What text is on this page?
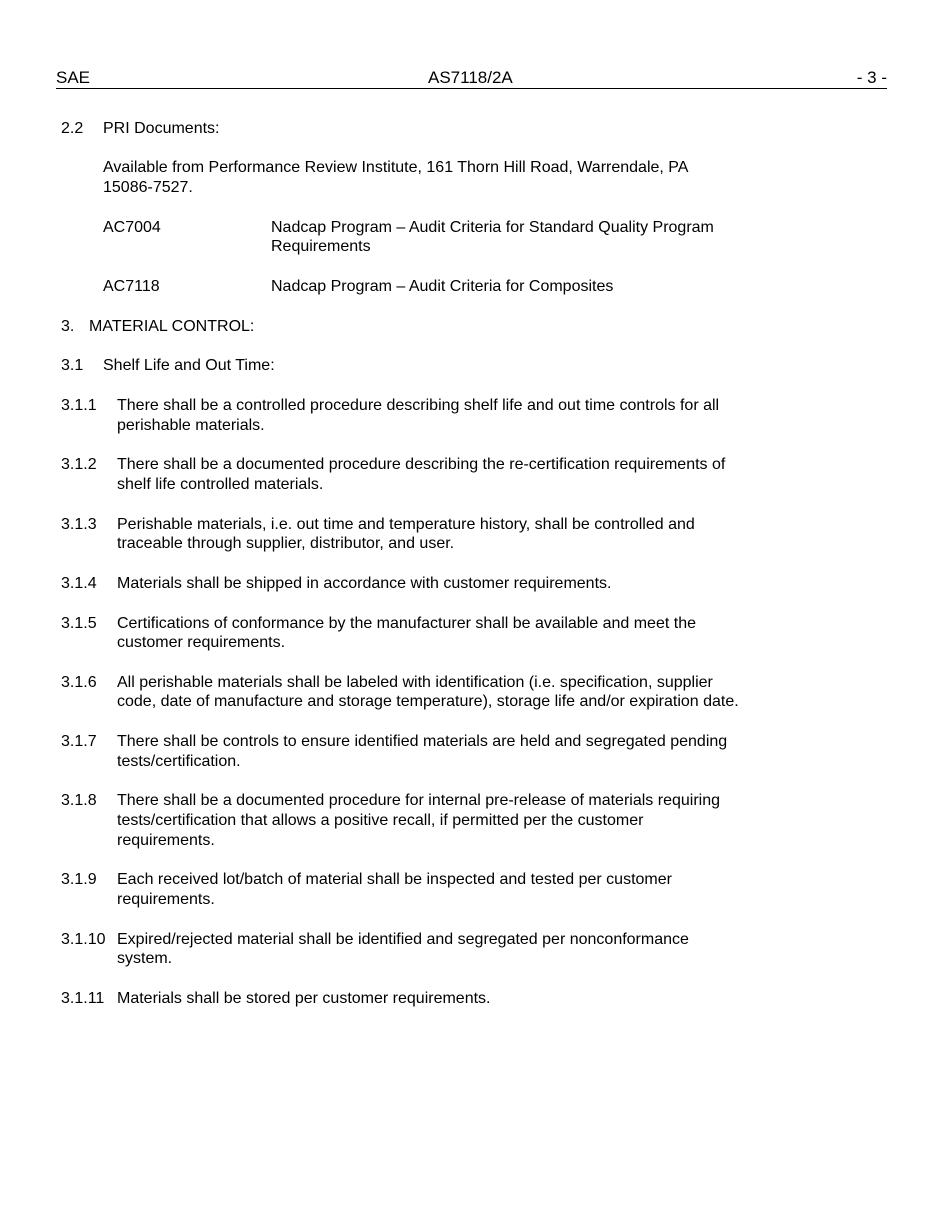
SAE	AS7118/2A	- 3 -
2.2 PRI Documents:
Available from Performance Review Institute, 161 Thorn Hill Road, Warrendale, PA
15086-7527.
AC7004	Nadcap Program – Audit Criteria for Standard Quality Program
Requirements
AC7118	Nadcap Program – Audit Criteria for Composites
3. MATERIAL CONTROL:
3.1 Shelf Life and Out Time:
3.1.1 There shall be a controlled procedure describing shelf life and out time controls for all
perishable materials.
3.1.2 There shall be a documented procedure describing the re-certification requirements of
shelf life controlled materials.
3.1.3 Perishable materials, i.e. out time and temperature history, shall be controlled and
traceable through supplier, distributor, and user.
3.1.4 Materials shall be shipped in accordance with customer requirements.
3.1.5 Certifications of conformance by the manufacturer shall be available and meet the
customer requirements.
3.1.6 All perishable materials shall be labeled with identification (i.e. specification, supplier
code, date of manufacture and storage temperature), storage life and/or expiration date.
3.1.7 There shall be controls to ensure identified materials are held and segregated pending
tests/certification.
3.1.8 There shall be a documented procedure for internal pre-release of materials requiring
tests/certification that allows a positive recall, if permitted per the customer
requirements.
3.1.9 Each received lot/batch of material shall be inspected and tested per customer
requirements.
3.1.10 Expired/rejected material shall be identified and segregated per nonconformance
system.
3.1.11 Materials shall be stored per customer requirements.
